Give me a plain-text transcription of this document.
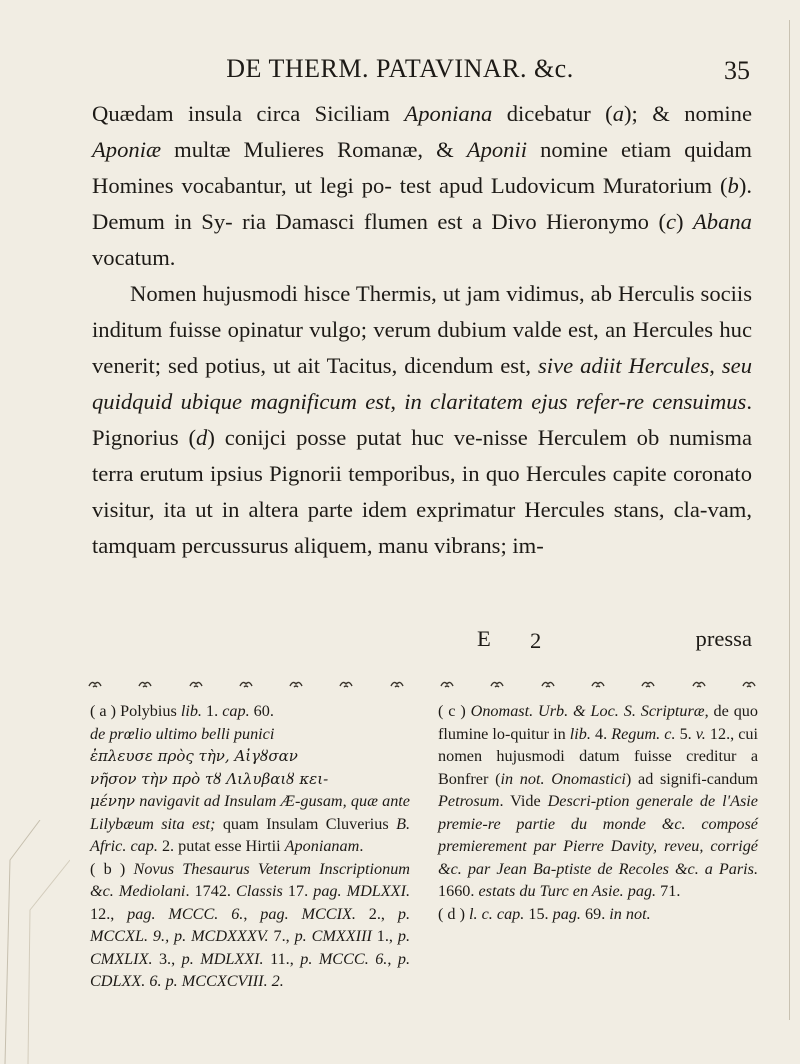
DE THERM. PATAVINAR. &c.	35

Quædam insula circa Siciliam Aponiana dicebatur (a); & nomine Aponiæ multæ Mulieres Romanæ, & Aponii nomine etiam quidam Homines vocabantur, ut legi po- test apud Ludovicum Muratorium (b). Demum in Sy- ria Damasci flumen est a Divo Hieronymo (c) Abana vocatum.

Nomen hujusmodi hisce Thermis, ut jam vidimus, ab Herculis sociis inditum fuisse opinatur vulgo; verum dubium valde est, an Hercules huc venerit; sed potius, ut ait Tacitus, dicendum est, sive adiit Hercules, seu quidquid ubique magnificum est, in claritatem ejus refer-re censuimus. Pignorius (d) conijci posse putat huc ve-nisse Herculem ob numisma terra erutum ipsius Pignorii temporibus, in quo Hercules capite coronato visitur, ita ut in altera parte idem exprimatur Hercules stans, cla-vam, tamquam percussurus aliquem, manu vibrans; im-

E 2	pressa

( a ) Polybius lib. 1. cap. 60.
de prœlio ultimo belli punici
ἐπλευσε πρὸς τὴν, Αἰγȣσαν
νῆσον τὴν πρὸ τȣ Λιλυβαιȣ κει-
μένην navigavit ad Insulam Æ-gusam, quæ ante Lilybæum sita est; quam Insulam Cluverius B. Afric. cap. 2. putat esse Hirtii Aponianam.

( b ) Novus Thesaurus Veterum Inscriptionum &c. Mediolani. 1742. Classis 17. pag. MDLXXI. 12., pag. MCCC. 6., pag. MCCIX. 2., p. MCCXL. 9., p. MCDXXXV. 7., p. CMXXIII 1., p. CMXLIX. 3., p. MDLXXI. 11., p. MCCC. 6., p. CDLXX. 6. p. MCCXCVIII. 2.

( c ) Onomast. Urb. & Loc. S. Scripturæ, de quo flumine lo-quitur in lib. 4. Regum. c. 5. v. 12., cui nomen hujusmodi datum fuisse creditur a Bonfrer (in not. Onomastici) ad signifi-candum Petrosum. Vide Descri-ption generale de l'Asie premie-re partie du monde &c. composé premierement par Pierre Davity, reveu, corrigé &c. par Jean Ba-ptiste de Recoles &c. a Paris. 1660. estats du Turc en Asie. pag. 71.

( d ) l. c. cap. 15. pag. 69. in not.
